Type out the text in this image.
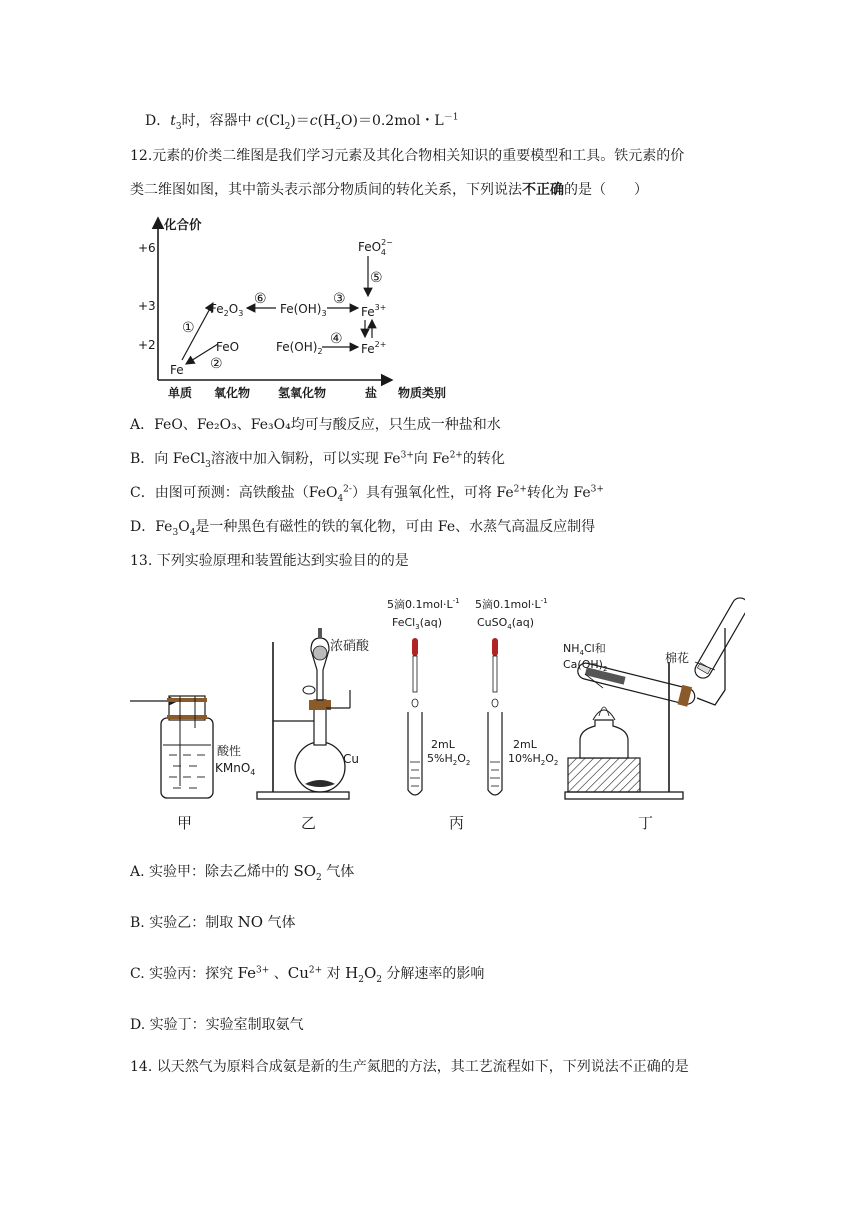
D．$t_3$时，容器中 $c(Cl_2)=c(H_2O)=0.2mol$・$L^{-1}$
12.元素的价类二维图是我们学习元素及其化合物相关知识的重要模型和工具。铁元素的价
类二维图如图，其中箭头表示部分物质间的转化关系，下列说法不正确的是（　　）
化合价
+6
+3
+2
单质 氧化物 氢氧化物	盐 物质类别
Fe
FeO
$Fe_2O_3$	$Fe(OH)_3$
$Fe(OH)_2$
FeO$^{2-}$ 4
$Fe^{3+}$
$Fe^{2+}$
①
②
③
④
⑤
⑥
A．FeO、Fe₂O₃、Fe₃O₄均可与酸反应，只生成一种盐和水
B．向 FeCl$_3$溶液中加入铜粉，可以实现 $Fe^{3+}$向 $Fe^{2+}$的转化
C．由图可预测：高铁酸盐（FeO$_4^{2-}$）具有强氧化性，可将 $Fe^{2+}$转化为 $Fe^{3+}$
D．$Fe_3O_4$是一种黑色有磁性的铁的氧化物，可由 Fe、水蒸气高温反应制得
13. 下列实验原理和装置能达到实验目的的是
酸性
KMnO$_4$
浓硝酸
Cu
5滴$0.1mol\cdot L^{-1}$
FeCl$_3$(aq)
5滴$0.1mol\cdot L^{-1}$
CuSO$_4$(aq)
2mL
$5\%H_2O_2$
2mL
$10\%H_2O_2$
$NH_4Cl$和
$Ca(OH)_2$
棉花
甲	乙	丙	丁
A. 实验甲：除去乙烯中的 $SO_2$ 气体
B. 实验乙：制取 NO 气体
C. 实验丙：探究 $Fe^{3+}$ 、$Cu^{2+}$ 对 $H_2O_2$ 分解速率的影响
D. 实验丁：实验室制取氨气
14. 以天然气为原料合成氨是新的生产氮肥的方法，其工艺流程如下，下列说法不正确的是
